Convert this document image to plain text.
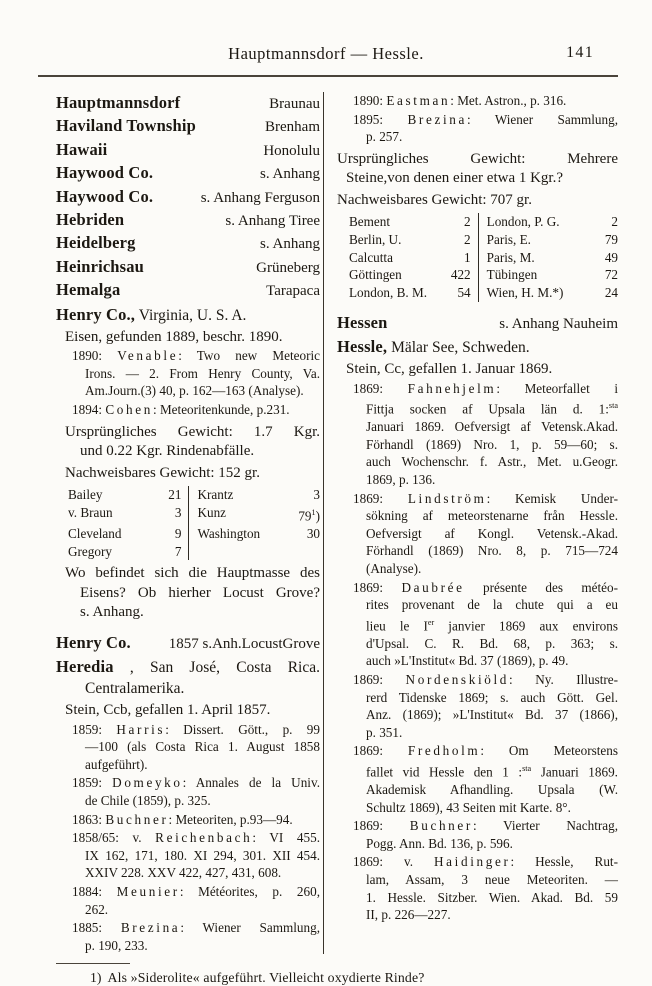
Hauptmannsdorf — Hessle.	141
Hauptmannsdorf	Braunau
Haviland Township	Brenham
Hawaii	Honolulu
Haywood Co.	s. Anhang
Haywood Co.	s. Anhang Ferguson
Hebriden	s. Anhang Tiree
Heidelberg	s. Anhang
Heinrichsau	Grüneberg
Hemalga	Tarapaca
Henry Co., Virginia, U. S. A.
Eisen, gefunden 1889, beschr. 1890.
1890: Venable: Two new Meteoric
Irons. — 2. From Henry County, Va.
Am.Journ.(3) 40, p. 162—163 (Analyse).
1894: Cohen: Meteoritenkunde, p.231.
Ursprüngliches Gewicht: 1.7 Kgr.
und 0.22 Kgr. Rindenabfälle.
Nachweisbares Gewicht: 152 gr.
Bailey	21 Krantz	3
v. Braun	3 Kunz	$79^1$)
Cleveland	9 Washington	30
Gregory	7
Wo befindet sich die Hauptmasse des
Eisens? Ob hierher Locust Grove?
s. Anhang.
Henry Co.	1857 s.Anh.LocustGrove
Heredia , San José, Costa Rica.
Centralamerika.
Stein, Ccb, gefallen 1. April 1857.
1859: Harris: Dissert. Gött., p. 99
—100 (als Costa Rica 1. August 1858
aufgeführt).
1859: Domeyko: Annales de la Univ.
de Chile (1859), p. 325.
1863: Buchner: Meteoriten, p.93—94.
1858/65: v. Reichenbach: VI 455.
IX 162, 171, 180. XI 294, 301. XII 454.
XXIV 228. XXV 422, 427, 431, 608.
1884: Meunier: Météorites, p. 260,
262.
1885: Brezina: Wiener Sammlung,
p. 190, 233.
1890: Eastman: Met. Astron., p. 316.
1895: Brezina: Wiener Sammlung,
p. 257.
Ursprüngliches Gewicht: Mehrere
Steine,von denen einer etwa 1 Kgr.?
Nachweisbares Gewicht: 707 gr.
Bement	2 London, P. G.	2
Berlin, U.	2 Paris, E.	79
Calcutta	1 Paris, M.	49
Göttingen	422 Tübingen	72
London, B. M. 54 Wien, H. M.*)	24
Hessen	s. Anhang Nauheim
Hessle, Mälar See, Schweden.
Stein, Cc, gefallen 1. Januar 1869.
1869: Fahnehjelm: Meteorfallet i
Fittja socken af Upsala län d. 1:$^{sta}$
Januari 1869. Oefversigt af Vetensk.Akad.
Förhandl (1869) Nro. 1, p. 59—60; s.
auch Wochenschr. f. Astr., Met. u.Geogr.
1869, p. 136.
1869: Lindström: Kemisk Under-
sökning af meteorstenarne från Hessle.
Oefversigt af Kongl. Vetensk.-Akad.
Förhandl (1869) Nro. 8, p. 715—724
(Analyse).
1869: Daubrée présente des météo-
rites provenant de la chute qui a eu
lieu le Ier janvier 1869 aux environs
d'Upsal. C. R. Bd. 68, p. 363; s.
auch »L'Institut« Bd. 37 (1869), p. 49.
1869: Nordenskiöld: Ny. Illustre-
rerd Tidenske 1869; s. auch Gött. Gel.
Anz. (1869); »L'Institut« Bd. 37 (1866),
p. 351.
1869: Fredholm: Om Meteorstens
fallet vid Hessle den 1 :$^{sta}$ Januari 1869.
Akademisk Afhandling. Upsala (W.
Schultz 1869), 43 Seiten mit Karte. 8°.
1869: Buchner: Vierter Nachtrag,
Pogg. Ann. Bd. 136, p. 596.
1869: v. Haidinger: Hessle, Rut-
lam, Assam, 3 neue Meteoriten. —
1. Hessle. Sitzber. Wien. Akad. Bd. 59
II, p. 226—227.
1) Als »Siderolite« aufgeführt. Vielleicht oxydierte Rinde?
